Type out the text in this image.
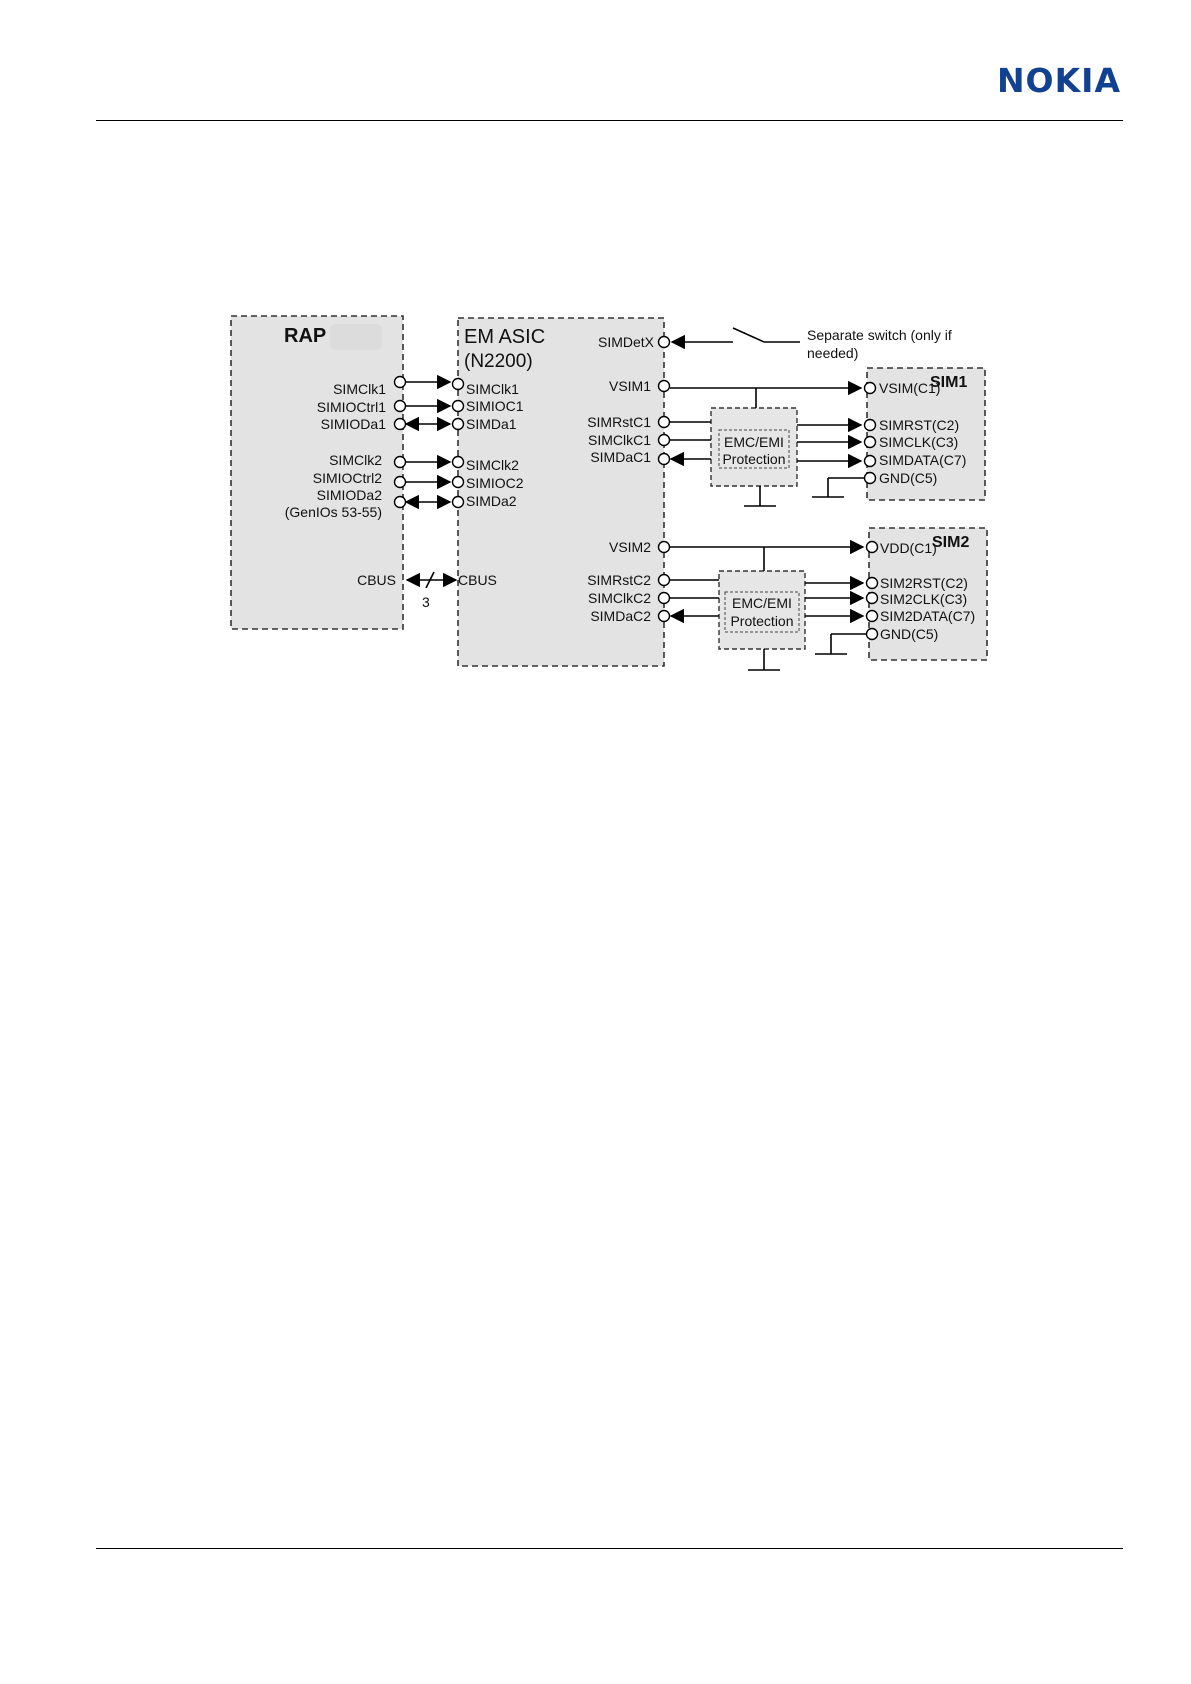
NOKIA
RAP	EM ASIC
(N2200)
SIM1
SIM2
3
SIMClk1
SIMIOCtrl1
SIMIODa1
SIMClk2
SIMIOCtrl2
SIMIODa2
(GenIOs 53-55)
CBUS
SIMClk1
SIMIOC1
SIMDa1
SIMClk2
SIMIOC2
SIMDa2
CBUS
SIMDetX
VSIM1
SIMRstC1
SIMClkC1
SIMDaC1
VSIM2
SIMRstC2
SIMClkC2
SIMDaC2
Separate switch (only if
needed)
EMC/EMI
Protection
VSIM(C1)
SIMRST(C2)
SIMCLK(C3)
SIMDATA(C7)
GND(C5)
EMC/EMI
Protection
VDD(C1)
SIM2RST(C2)
SIM2CLK(C3)
SIM2DATA(C7)
GND(C5)
